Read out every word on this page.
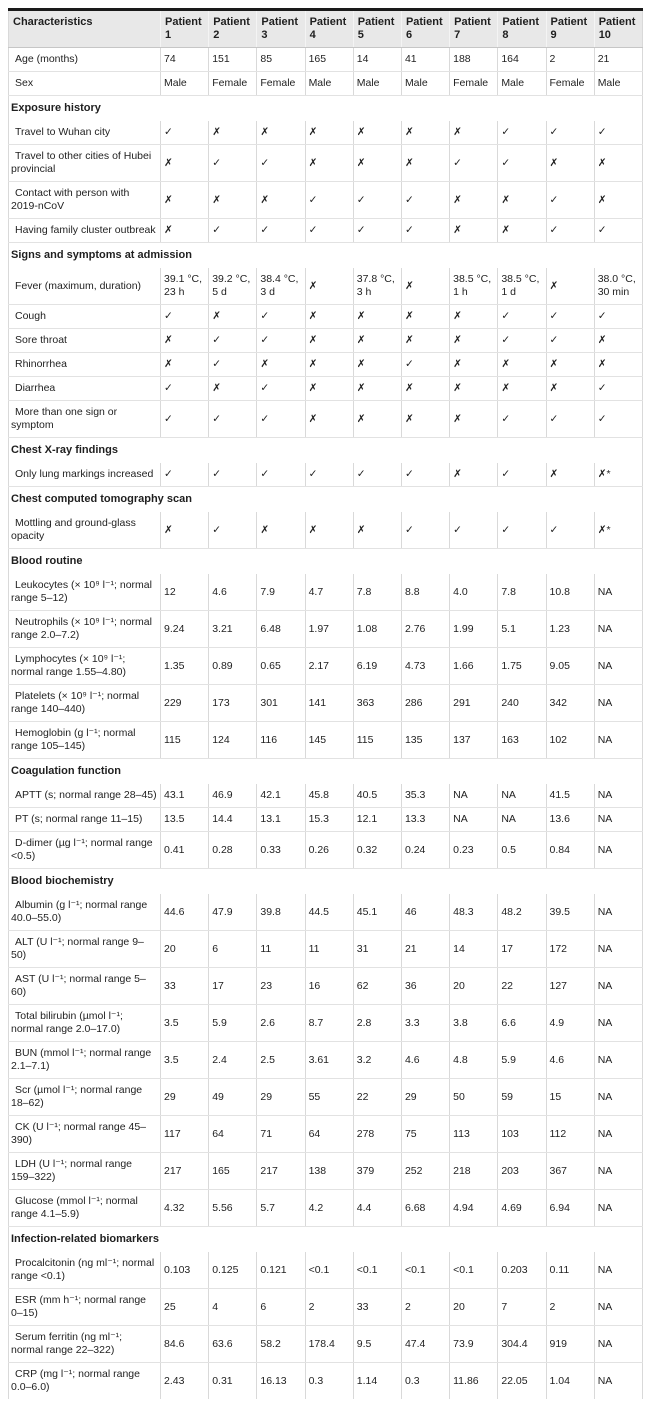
Characteristics	Patient 1	Patient 2	Patient 3	Patient 4	Patient 5	Patient 6	Patient 7	Patient 8	Patient 9	Patient 10
Age (months)	74	151	85	165	14	41	188	164	2	21
Sex	Male	Female	Female	Male	Male	Male	Female	Male	Female	Male
Exposure history										
Travel to Wuhan city	✓	✗	✗	✗	✗	✗	✗	✓	✓	✓
Travel to other cities of Hubei provincial	✗	✓	✓	✗	✗	✗	✓	✓	✗	✗
Contact with person with 2019-nCoV	✗	✗	✗	✓	✓	✓	✗	✗	✓	✗
Having family cluster outbreak	✗	✓	✓	✓	✓	✓	✗	✗	✓	✓
Signs and symptoms at admission										
Fever (maximum, duration)	39.1 °C, 23 h	39.2 °C, 5 d	38.4 °C, 3 d	✗	37.8 °C, 3 h	✗	38.5 °C, 1 h	38.5 °C, 1 d	✗	38.0 °C, 30 min
Cough	✓	✗	✓	✗	✗	✗	✗	✓	✓	✓
Sore throat	✗	✓	✓	✗	✗	✗	✗	✓	✓	✗
Rhinorrhea	✗	✓	✗	✗	✗	✓	✗	✗	✗	✗
Diarrhea	✓	✗	✓	✗	✗	✗	✗	✗	✗	✓
More than one sign or symptom	✓	✓	✓	✗	✗	✗	✗	✓	✓	✓
Chest X-ray findings										
Only lung markings increased	✓	✓	✓	✓	✓	✓	✗	✓	✗	✗*
Chest computed tomography scan										
Mottling and ground-glass opacity	✗	✓	✗	✗	✗	✓	✓	✓	✓	✗*
Blood routine										
Leukocytes (× 10⁹ l⁻¹; normal range 5–12)	12	4.6	7.9	4.7	7.8	8.8	4.0	7.8	10.8	NA
Neutrophils (× 10⁹ l⁻¹; normal range 2.0–7.2)	9.24	3.21	6.48	1.97	1.08	2.76	1.99	5.1	1.23	NA
Lymphocytes (× 10⁹ l⁻¹; normal range 1.55–4.80)	1.35	0.89	0.65	2.17	6.19	4.73	1.66	1.75	9.05	NA
Platelets (× 10⁹ l⁻¹; normal range 140–440)	229	173	301	141	363	286	291	240	342	NA
Hemoglobin (g l⁻¹; normal range 105–145)	115	124	116	145	115	135	137	163	102	NA
Coagulation function										
APTT (s; normal range 28–45)	43.1	46.9	42.1	45.8	40.5	35.3	NA	NA	41.5	NA
PT (s; normal range 11–15)	13.5	14.4	13.1	15.3	12.1	13.3	NA	NA	13.6	NA
D-dimer (µg l⁻¹; normal range <0.5)	0.41	0.28	0.33	0.26	0.32	0.24	0.23	0.5	0.84	NA
Blood biochemistry										
Albumin (g l⁻¹; normal range 40.0–55.0)	44.6	47.9	39.8	44.5	45.1	46	48.3	48.2	39.5	NA
ALT (U l⁻¹; normal range 9–50)	20	6	11	11	31	21	14	17	172	NA
AST (U l⁻¹; normal range 5–60)	33	17	23	16	62	36	20	22	127	NA
Total bilirubin (µmol l⁻¹; normal range 2.0–17.0)	3.5	5.9	2.6	8.7	2.8	3.3	3.8	6.6	4.9	NA
BUN (mmol l⁻¹; normal range 2.1–7.1)	3.5	2.4	2.5	3.61	3.2	4.6	4.8	5.9	4.6	NA
Scr (µmol l⁻¹; normal range 18–62)	29	49	29	55	22	29	50	59	15	NA
CK (U l⁻¹; normal range 45–390)	117	64	71	64	278	75	113	103	112	NA
LDH (U l⁻¹; normal range 159–322)	217	165	217	138	379	252	218	203	367	NA
Glucose (mmol l⁻¹; normal range 4.1–5.9)	4.32	5.56	5.7	4.2	4.4	6.68	4.94	4.69	6.94	NA
Infection-related biomarkers										
Procalcitonin (ng ml⁻¹; normal range <0.1)	0.103	0.125	0.121	<0.1	<0.1	<0.1	<0.1	0.203	0.11	NA
ESR (mm h⁻¹; normal range 0–15)	25	4	6	2	33	2	20	7	2	NA
Serum ferritin (ng ml⁻¹; normal range 22–322)	84.6	63.6	58.2	178.4	9.5	47.4	73.9	304.4	919	NA
CRP (mg l⁻¹; normal range 0.0–6.0)	2.43	0.31	16.13	0.3	1.14	0.3	11.86	22.05	1.04	NA
